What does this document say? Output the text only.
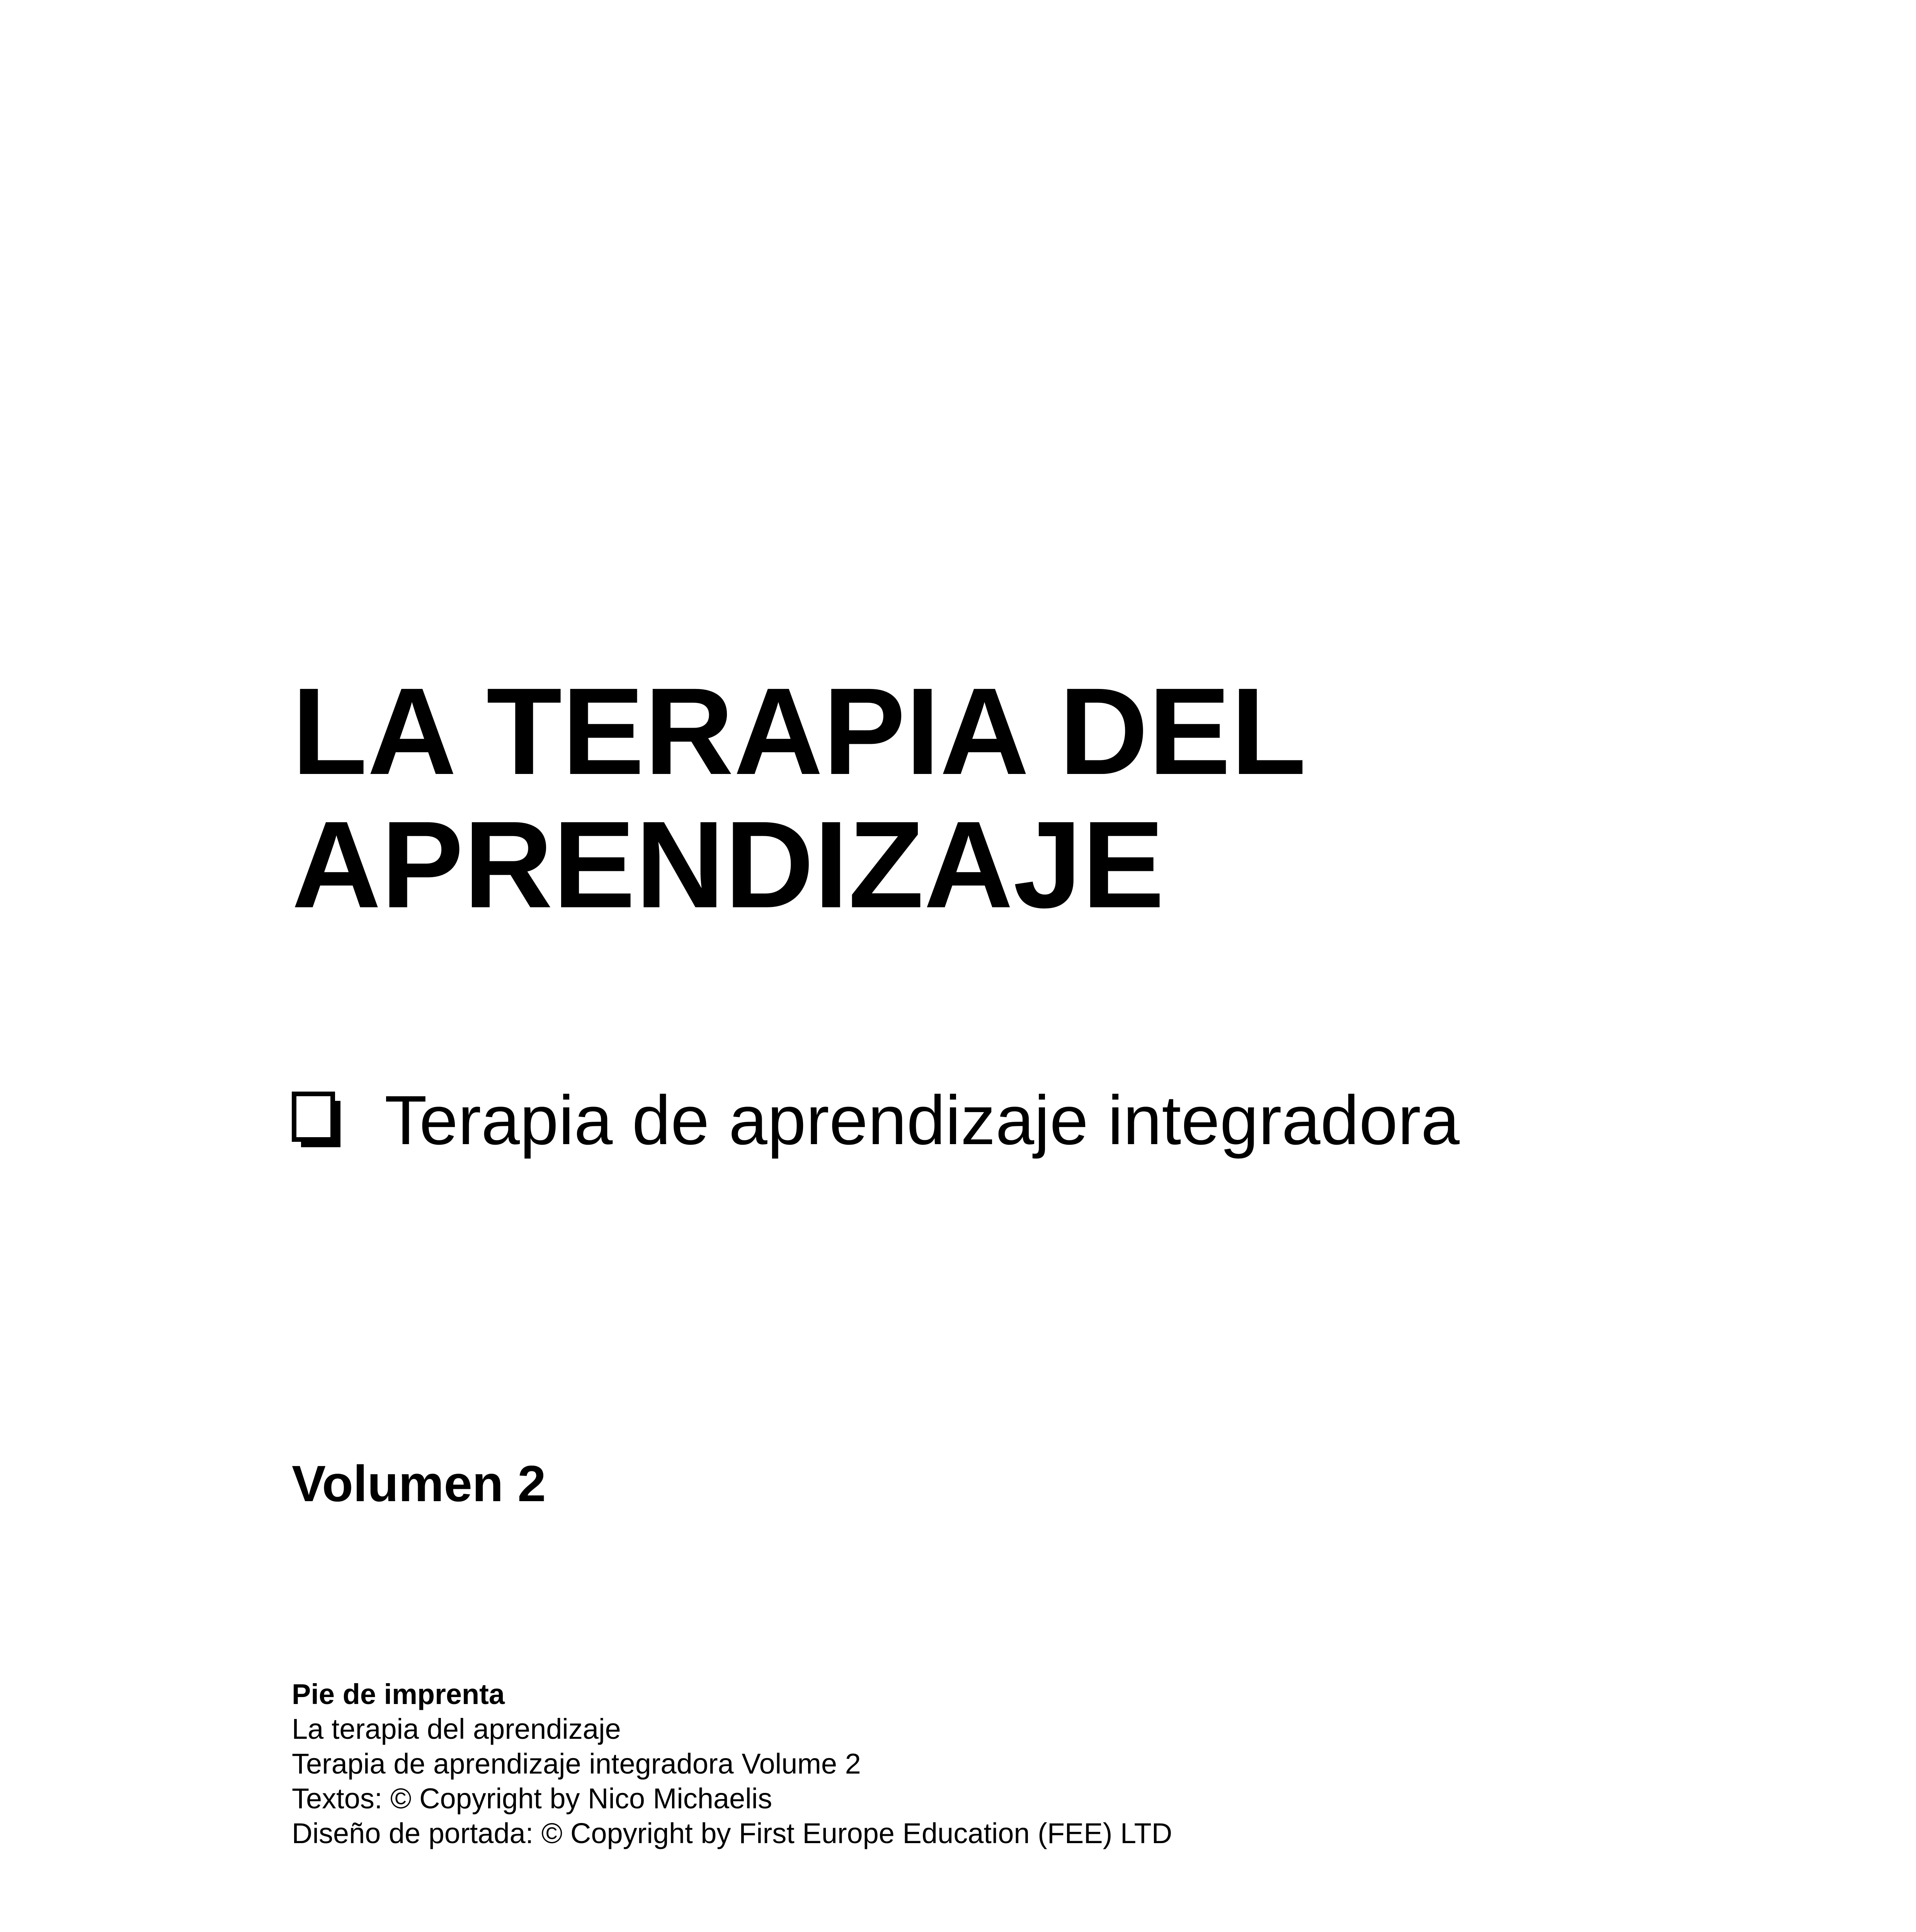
LA TERAPIA DEL
APRENDIZAJE
Terapia de aprendizaje integradora
Volumen 2
Pie de imprenta
La terapia del aprendizaje
Terapia de aprendizaje integradora Volume 2
Textos: © Copyright by Nico Michaelis
Diseño de portada: © Copyright by First Europe Education (FEE) LTD
